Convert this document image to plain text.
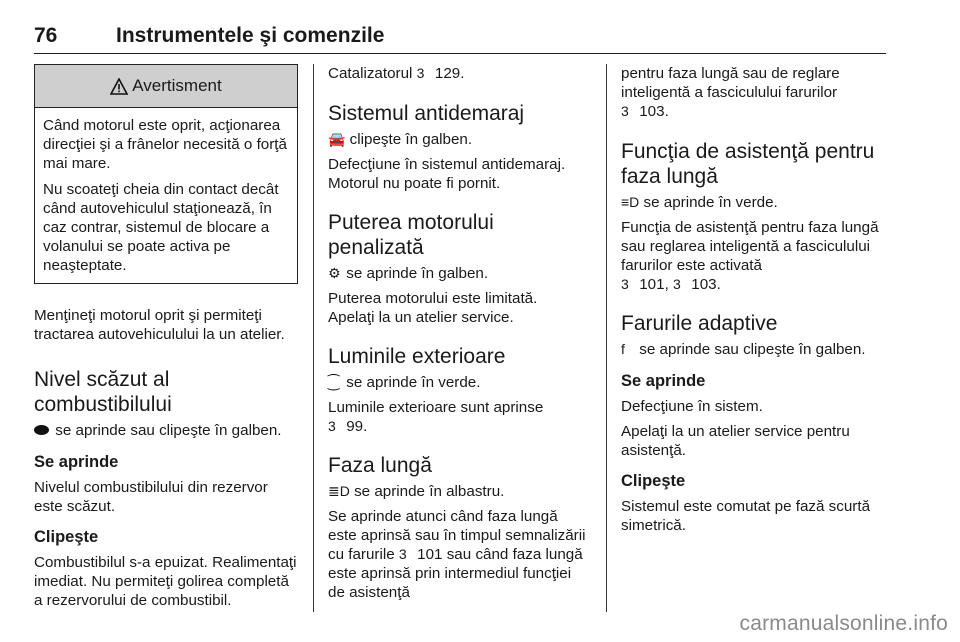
76	Instrumentele şi comenzile
Avertisment

Când motorul este oprit, acţionarea direcţiei şi a frânelor necesită o forţă mai mare.

Nu scoateţi cheia din contact decât când autovehiculul staţionează, în caz contrar, sistemul de blocare a volanului se poate activa pe neaşteptate.

Menţineţi motorul oprit şi permiteţi tractarea autovehiculului la un atelier.

Nivel scăzut al combustibilului

se aprinde sau clipeşte în galben.

Se aprinde

Nivelul combustibilului din rezervor este scăzut.

Clipeşte

Combustibilul s-a epuizat. Realimentaţi imediat. Nu permiteţi golirea completă a rezervorului de combustibil.

Catalizatorul 3 129.

Sistemul antidemaraj

🚘 clipeşte în galben.

Defecţiune în sistemul antidemaraj. Motorul nu poate fi pornit.

Puterea motorului penalizată

⚙ se aprinde în galben.

Puterea motorului este limitată. Apelaţi la un atelier service.

Luminile exterioare

⁐ se aprinde în verde.

Luminile exterioare sunt aprinse
3 99.

Faza lungă

≣D se aprinde în albastru.

Se aprinde atunci când faza lungă este aprinsă sau în timpul semnalizării cu farurile 3 101 sau când faza lungă este aprinsă prin intermediul funcţiei de asistenţă

pentru faza lungă sau de reglare inteligentă a fasciculului farurilor
3 103.

Funcţia de asistenţă pentru faza lungă

≡D se aprinde în verde.

Funcţia de asistenţă pentru faza lungă sau reglarea inteligentă a fasciculului farurilor este activată
3 101, 3 103.

Farurile adaptive

f se aprinde sau clipeşte în galben.

Se aprinde

Defecţiune în sistem.

Apelaţi la un atelier service pentru asistenţă.

Clipeşte

Sistemul este comutat pe fază scurtă simetrică.

carmanualsonline.info
